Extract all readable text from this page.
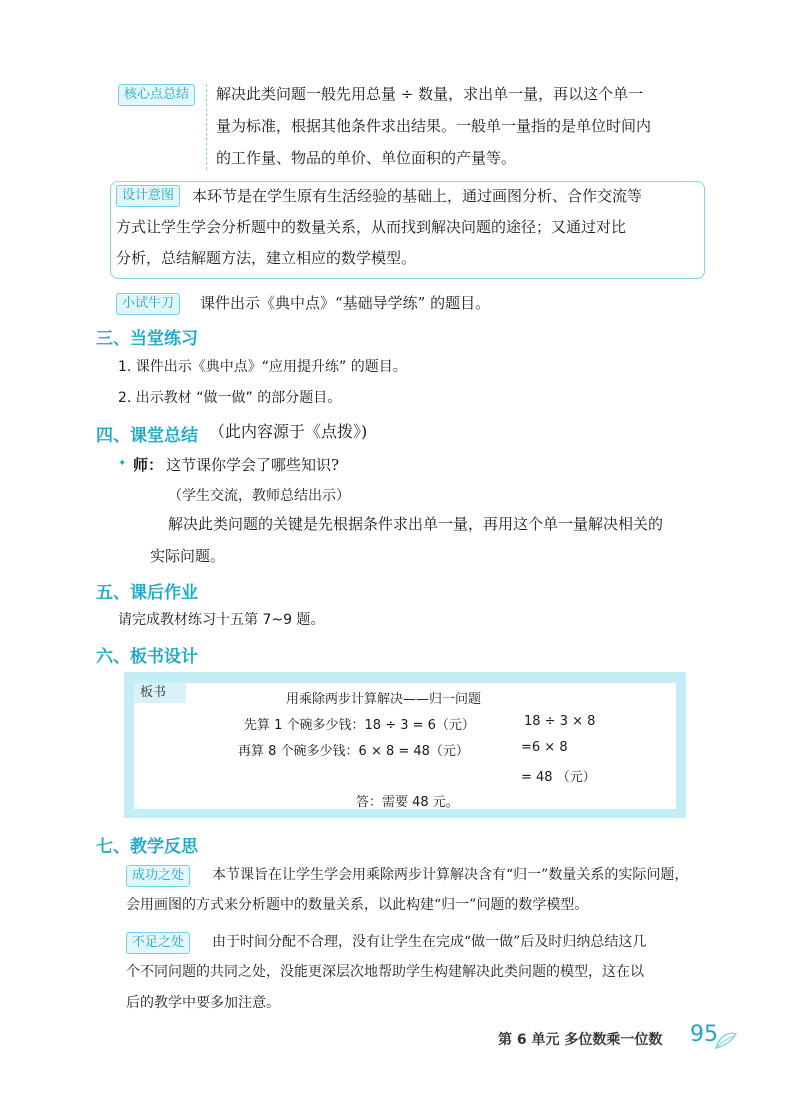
核心点总结	解决此类问题一般先用总量 ÷ 数量，求出单一量，再以这个单一
量为标准，根据其他条件求出结果。一般单一量指的是单位时间内
的工作量、物品的单价、单位面积的产量等。
设计意图	本环节是在学生原有生活经验的基础上，通过画图分析、合作交流等
方式让学生学会分析题中的数量关系，从而找到解决问题的途径；又通过对比
分析，总结解题方法，建立相应的数学模型。
小试牛刀	课件出示《典中点》“基础导学练” 的题目。
三、当堂练习
1. 课件出示《典中点》“应用提升练” 的题目。
2. 出示教材 “做一做” 的部分题目。
四、课堂总结 （此内容源于《点拨》)
✦ 师： 这节课你学会了哪些知识?
（学生交流，教师总结出示）
解决此类问题的关键是先根据条件求出单一量，再用这个单一量解决相关的
实际问题。
五、课后作业
请完成教材练习十五第 7~9 题。
六、板书设计
板书	用乘除两步计算解决——归一问题
先算 1 个碗多少钱：18 ÷ 3 = 6（元）
再算 8 个碗多少钱：6 × 8 = 48（元）
18 ÷ 3 × 8
=6 × 8
= 48 （元）
答：需要 48 元。
七、教学反思
成功之处	本节课旨在让学生学会用乘除两步计算解决含有“归一”数量关系的实际问题，
会用画图的方式来分析题中的数量关系，以此构建“归一”问题的数学模型。
不足之处	由于时间分配不合理，没有让学生在完成“做一做”后及时归纳总结这几
个不同问题的共同之处，没能更深层次地帮助学生构建解决此类问题的模型，这在以
后的教学中要多加注意。
第 6 单元 多位数乘一位数 95
